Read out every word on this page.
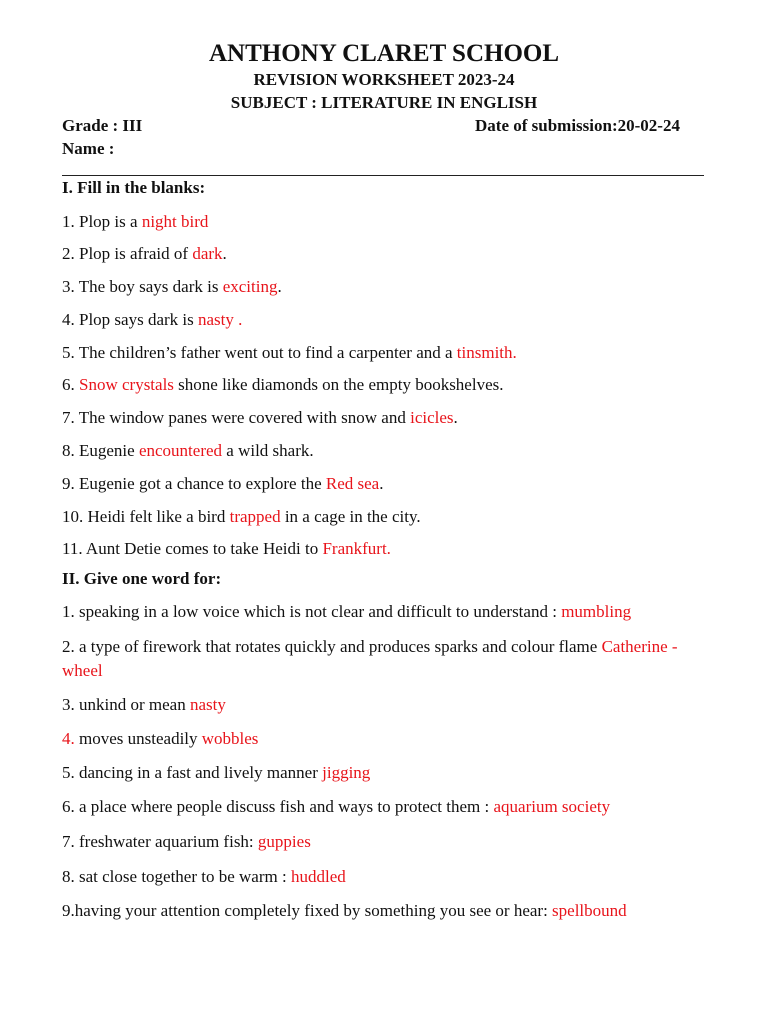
ANTHONY CLARET SCHOOL
REVISION WORKSHEET 2023-24
SUBJECT : LITERATURE IN ENGLISH
Grade : III	Date of submission:20-02-24
Name :
I. Fill in the blanks:
1. Plop is a night bird
2. Plop is afraid of dark.
3. The boy says dark is exciting.
4. Plop says dark is nasty .
5. The children’s father went out to find a carpenter and a tinsmith.
6. Snow crystals shone like diamonds on the empty bookshelves.
7. The window panes were covered with snow and icicles.
8. Eugenie encountered a wild shark.
9. Eugenie got a chance to explore the Red sea.
10. Heidi felt like a bird trapped in a cage in the city.
11. Aunt Detie comes to take Heidi to Frankfurt.
II. Give one word for:
1. speaking in a low voice which is not clear and difficult to understand : mumbling
2. a type of firework that rotates quickly and produces sparks and colour flame Catherine - wheel
3. unkind or mean nasty
4. moves unsteadily wobbles
5. dancing in a fast and lively manner jigging
6. a place where people discuss fish and ways to protect them : aquarium society
7. freshwater aquarium fish: guppies
8. sat close together to be warm : huddled
9.having your attention completely fixed by something you see or hear: spellbound
